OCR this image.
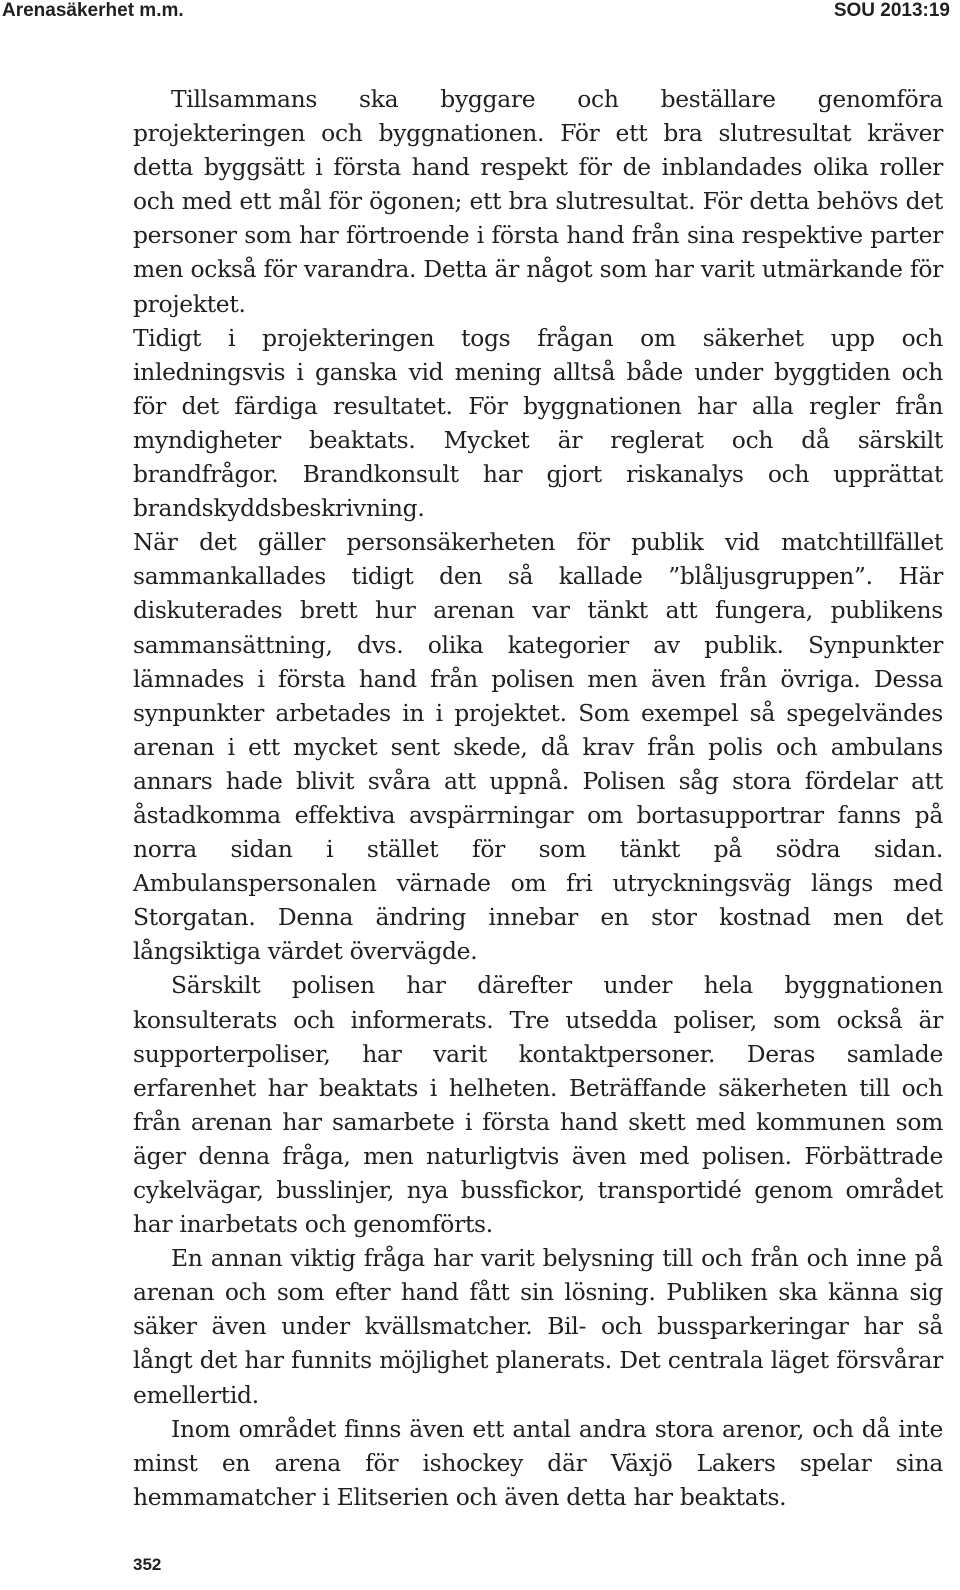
Arenasäkerhet m.m.	SOU 2013:19

Tillsammans ska byggare och beställare genomföra projekteringen och byggnationen. För ett bra slutresultat kräver detta byggsätt i första hand respekt för de inblandades olika roller och med ett mål för ögonen; ett bra slutresultat. För detta behövs det personer som har förtroende i första hand från sina respektive parter men också för varandra. Detta är något som har varit utmärkande för projektet.

Tidigt i projekteringen togs frågan om säkerhet upp och inledningsvis i ganska vid mening alltså både under byggtiden och för det färdiga resultatet. För byggnationen har alla regler från myndigheter beaktats. Mycket är reglerat och då särskilt brandfrågor. Brandkonsult har gjort riskanalys och upprättat brandskyddsbeskrivning.

När det gäller personsäkerheten för publik vid matchtillfället sammankallades tidigt den så kallade ”blåljusgruppen”. Här diskuterades brett hur arenan var tänkt att fungera, publikens sammansättning, dvs. olika kategorier av publik. Synpunkter lämnades i första hand från polisen men även från övriga. Dessa synpunkter arbetades in i projektet. Som exempel så spegelvändes arenan i ett mycket sent skede, då krav från polis och ambulans annars hade blivit svåra att uppnå. Polisen såg stora fördelar att åstadkomma effektiva avspärrningar om bortasupportrar fanns på norra sidan i stället för som tänkt på södra sidan. Ambulanspersonalen värnade om fri utryckningsväg längs med Storgatan. Denna ändring innebar en stor kostnad men det långsiktiga värdet övervägde.

Särskilt polisen har därefter under hela byggnationen konsulterats och informerats. Tre utsedda poliser, som också är supporterpoliser, har varit kontaktpersoner. Deras samlade erfarenhet har beaktats i helheten. Beträffande säkerheten till och från arenan har samarbete i första hand skett med kommunen som äger denna fråga, men naturligtvis även med polisen. Förbättrade cykelvägar, busslinjer, nya bussfickor, transportidé genom området har inarbetats och genomförts.

En annan viktig fråga har varit belysning till och från och inne på arenan och som efter hand fått sin lösning. Publiken ska känna sig säker även under kvällsmatcher. Bil- och bussparkeringar har så långt det har funnits möjlighet planerats. Det centrala läget försvårar emellertid.

Inom området finns även ett antal andra stora arenor, och då inte minst en arena för ishockey där Växjö Lakers spelar sina hemmamatcher i Elitserien och även detta har beaktats.

352
